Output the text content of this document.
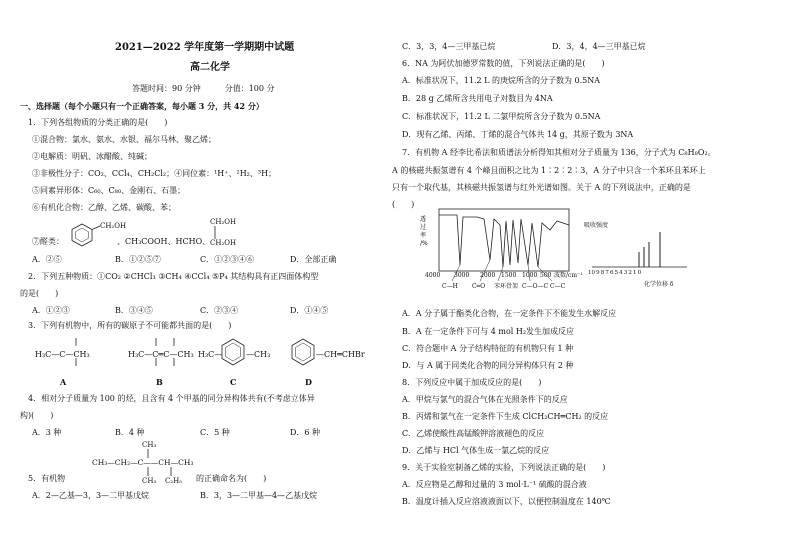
2021—2022 学年度第一学期期中试题
高二化学
答题时间：90 分钟　　　分值：100 分
一、选择题（每个小题只有一个正确答案，每小题 3 分，共 42 分）
1．下列各组物质的分类正确的是(　　)
①混合物：氯水、氨水、水银、福尔马林、聚乙烯；
②电解质：明矾、冰醋酸、纯碱；
③非极性分子：CO₂、CCl₄、CH₂Cl₂；④同位素：¹H⁺、²H₂、³H；
⑤同素异形体：C₆₀、C₈₀、金刚石、石墨；
⑥有机化合物：乙醇、乙烯、碳酸、苯；
⑦醛类：
CH₂OH
、CH₃COOH、HCHO、
CH₂OH
CH₂OH
A．②⑤	B．①②⑤⑦	C．①②③④⑥	D．全部正确
2．下列五种物质：①CO₂ ②CHCl₃ ③CH₄ ④CCl₄ ⑤P₄ 其结构具有正四面体构型
的是(　　)
A．①②③	B．③④⑤	C．②③④	D．①④⑤
3．下列有机物中，所有的碳原子不可能都共面的是(　　)
H₃C—C—CH₃	H₃C—C═C—CH₃ H₃C—	—CH₃	—CH═CHBr
A	B	C	D
4．相对分子质量为 100 的烃，且含有 4 个甲基的同分异构体共有(不考虑立体异
构)(　　)
A．3 种	B．4 种	C．5 种	D．6 种
CH₃
CH₃—CH₂—C——CH—CH₃
CH₃ C₂H₅
5．有机物	的正确命名为(　　)
A．2—乙基—3，3—二甲基戊烷	B．3，3—二甲基—4—乙基戊烷
C．3，3，4—三甲基已烷	D．3，4，4—三甲基已烷
6．NA 为阿伏加德罗常数的值，下列说法正确的是(　　)
A．标准状况下，11.2 L 的庚烷所含的分子数为 0.5NA
B．28 g 乙烯所含共用电子对数目为 4NA
C．标准状况下，11.2 L 二氯甲烷所含分子数为 0.5NA
D．现有乙烯、丙烯、丁烯的混合气体共 14 g，其原子数为 3NA
7．有机物 A 经李比希法和质谱法分析得知其相对分子质量为 136，分子式为 C₈H₈O₂。
A 的核磁共振氢谱有 4 个峰且面积之比为 1∶2∶2∶3，A 分子中只含一个苯环且苯环上
只有一个取代基，其核磁共振氢谱与红外光谱如图。关于 A 的下列说法中，正确的是
(　　)
透
过
率
/%
4000 3000 2000 1500 1000 500 波数/cm⁻¹
C—H C═O 苯环骨架 C—O—C C—C
吸收强度
10 9 8 7 6 5 4 3 2 1 0
化学位移 δ
A．A 分子属于酯类化合物，在一定条件下不能发生水解反应
B．A 在一定条件下可与 4 mol H₂发生加成反应
C．符合题中 A 分子结构特征的有机物只有 1 种
D．与 A 属于同类化合物的同分异构体只有 2 种
8．下列反应中属于加成反应的是(　　)
A．甲烷与氯气的混合气体在光照条件下的反应
B．丙烯和氯气在一定条件下生成 ClCH₂CH═CH₂ 的反应
C．乙烯使酸性高锰酸钾溶液褪色的反应
D．乙烯与 HCl 气体生成一氯乙烷的反应
9．关于实验室制备乙烯的实验，下列说法正确的是(　　)
A．反应物是乙醇和过量的 3 mol·L⁻¹ 硫酸的混合液
B．温度计插入反应溶液液面以下，以便控制温度在 140℃
